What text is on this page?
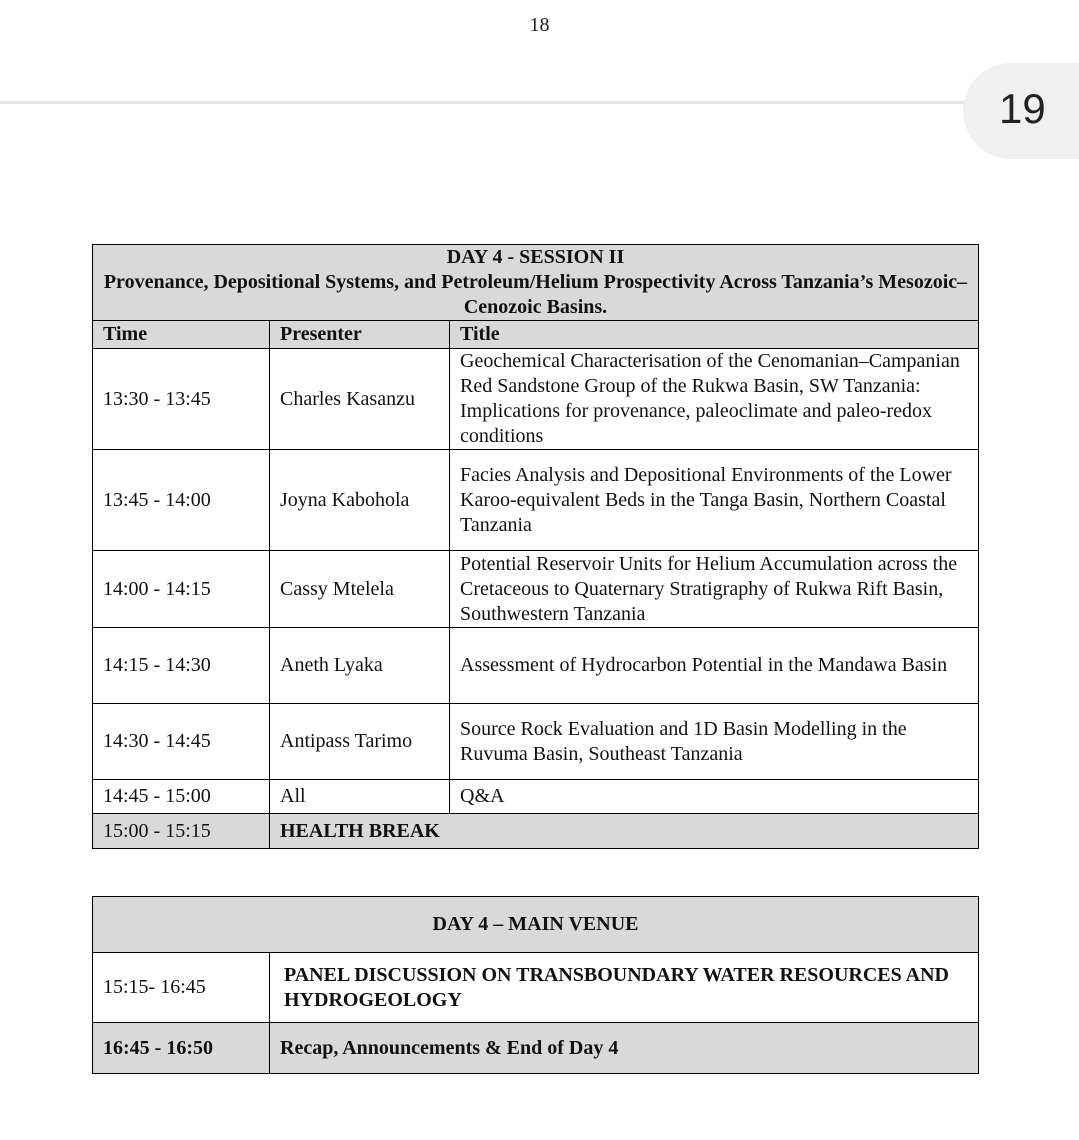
18
19
DAY 4 - SESSION II
Provenance, Depositional Systems, and Petroleum/Helium Prospectivity Across Tanzania’s Mesozoic–Cenozoic Basins.		

Time	Presenter	Title
13:30 - 13:45	Charles Kasanzu	Geochemical Characterisation of the Cenomanian–Campanian Red Sandstone Group of the Rukwa Basin, SW Tanzania: Implications for provenance, paleoclimate and paleo-redox conditions
13:45 - 14:00	Joyna Kabohola	Facies Analysis and Depositional Environments of the Lower Karoo-equivalent Beds in the Tanga Basin, Northern Coastal Tanzania
14:00 - 14:15	Cassy Mtelela	Potential Reservoir Units for Helium Accumulation across the Cretaceous to Quaternary Stratigraphy of Rukwa Rift Basin, Southwestern Tanzania
14:15 - 14:30	Aneth Lyaka	Assessment of Hydrocarbon Potential in the Mandawa Basin
14:30 - 14:45	Antipass Tarimo	Source Rock Evaluation and 1D Basin Modelling in the Ruvuma Basin, Southeast Tanzania
14:45 - 15:00	All	Q&A
15:00 - 15:15	HEALTH BREAK	
DAY 4 – MAIN VENUE	
15:15- 16:45	PANEL DISCUSSION ON TRANSBOUNDARY WATER RESOURCES AND HYDROGEOLOGY
16:45 - 16:50	Recap, Announcements & End of Day 4
